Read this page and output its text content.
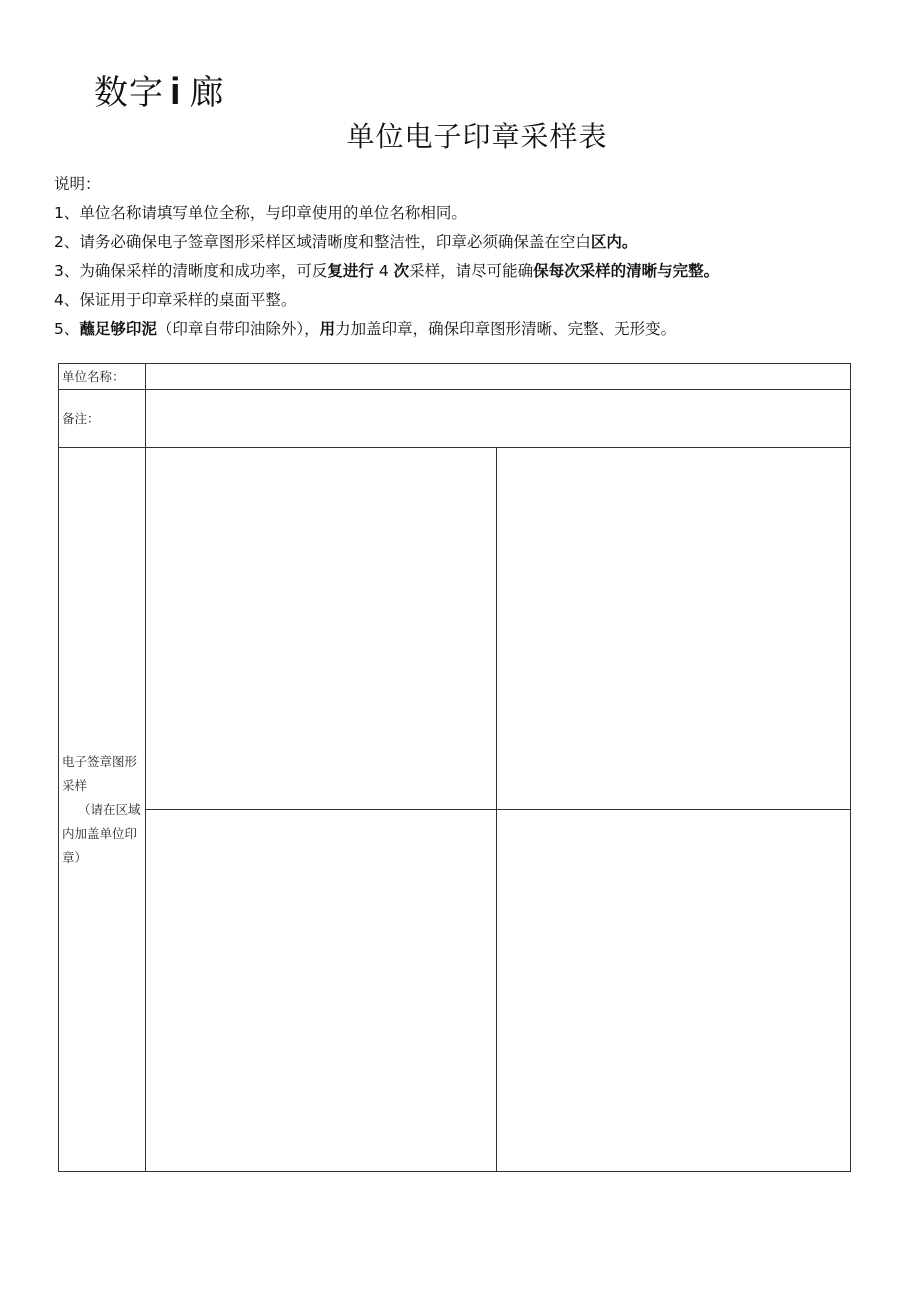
数字 i 廊
单位电子印章采样表
说明：
1、单位名称请填写单位全称，与印章使用的单位名称相同。
2、请务必确保电子签章图形采样区域清晰度和整洁性，印章必须确保盖在空白区内。
3、为确保采样的清晰度和成功率，可反复进行 4 次采样，请尽可能确保每次采样的清晰与完整。
4、保证用于印章采样的桌面平整。
5、蘸足够印泥（印章自带印油除外），用力加盖印章，确保印章图形清晰、完整、无形变。
单位名称：		
备注：		

电子签章图形
采样
（请在区域
内加盖单位印
章）		
